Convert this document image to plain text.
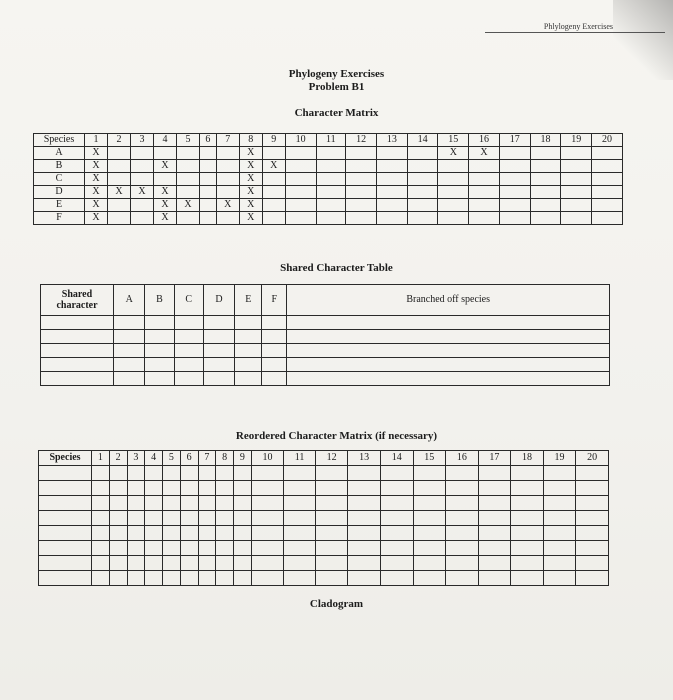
Phlylogeny Exercises
Phylogeny Exercises
Problem B1
Character Matrix
Species	1	2	3	4	5	6	7	8	9	10	11	12	13	14	15	16	17	18	19	20
A	X							X							X	X				
B	X			X				X	X											
C	X							X												
D	X	X	X	X				X												
E	X			X	X		X	X												
F	X			X				X												
Shared Character Table
Shared character	A	B	C	D	E	F	Branched off species

Reordered Character Matrix (if necessary)
Species	1	2	3	4	5	6	7	8	9	10	11	12	13	14	15	16	17	18	19	20

Cladogram
